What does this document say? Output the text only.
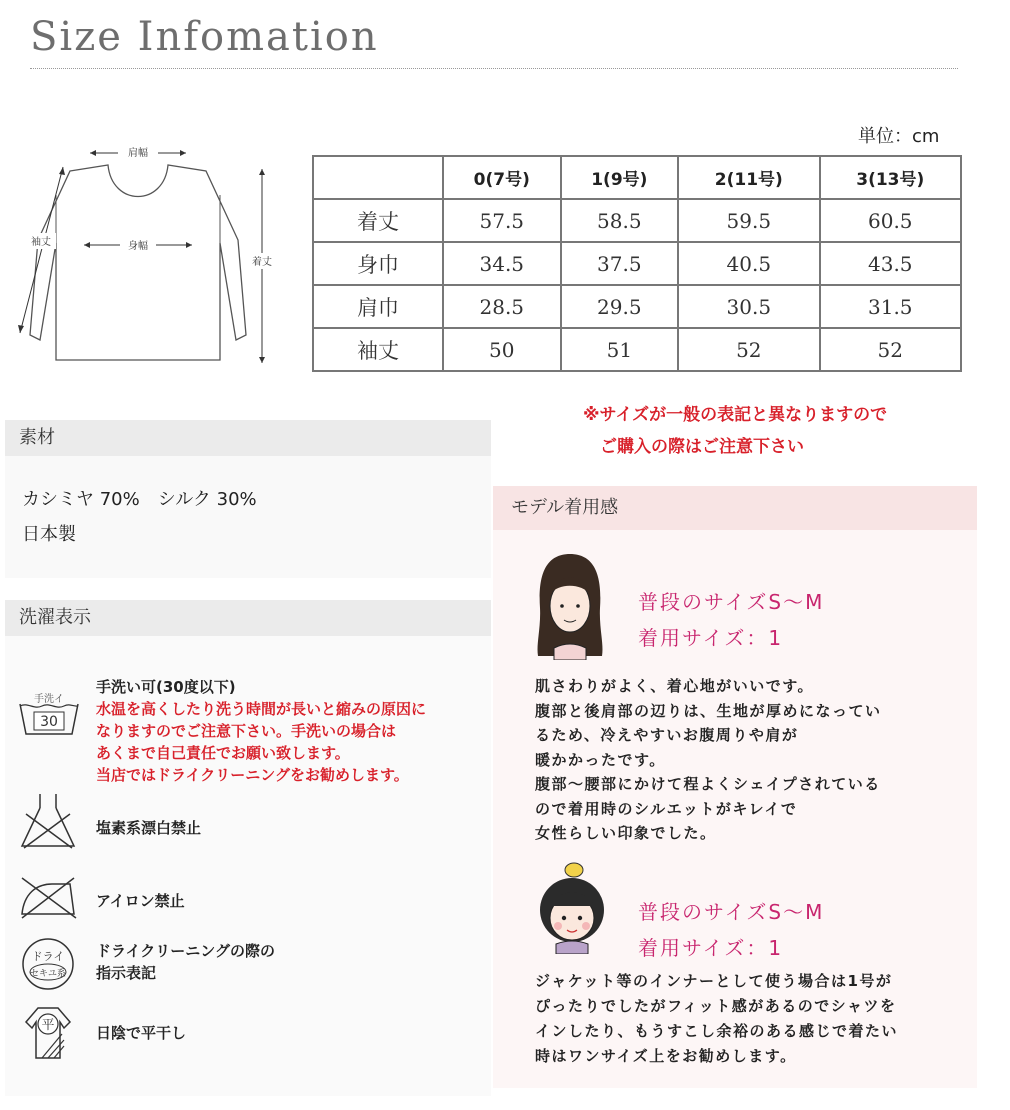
Size Infomation
肩幅
身幅
袖丈
着丈
単位：cm
	0(7号)	1(9号)	2(11号)	3(13号)
着丈	57.5	58.5	59.5	60.5
身巾	34.5	37.5	40.5	43.5
肩巾	28.5	29.5	30.5	31.5
袖丈	50	51	52	52
※サイズが一般の表記と異なりますので
ご購入の際はご注意下さい
素材
カシミヤ 70%　シルク 30%
日本製
洗濯表示
手洗イ
30
手洗い可(30度以下)
水温を高くしたり洗う時間が長いと縮みの原因に
なりますのでご注意下さい。手洗いの場合は
あくまで自己責任でお願い致します。
当店ではドライクリーニングをお勧めします。
塩素系漂白禁止
アイロン禁止
ドライ
セキユ系
ドライクリーニングの際の
指示表記
平	日陰で平干し
モデル着用感
普段のサイズS～M
着用サイズ：1
肌さわりがよく、着心地がいいです。
腹部と後肩部の辺りは、生地が厚めになってい
るため、冷えやすいお腹周りや肩が
暖かかったです。
腹部～腰部にかけて程よくシェイプされている
ので着用時のシルエットがキレイで
女性らしい印象でした。
普段のサイズS～M
着用サイズ：1
ジャケット等のインナーとして使う場合は1号が
ぴったりでしたがフィット感があるのでシャツを
インしたり、もうすこし余裕のある感じで着たい
時はワンサイズ上をお勧めします。
